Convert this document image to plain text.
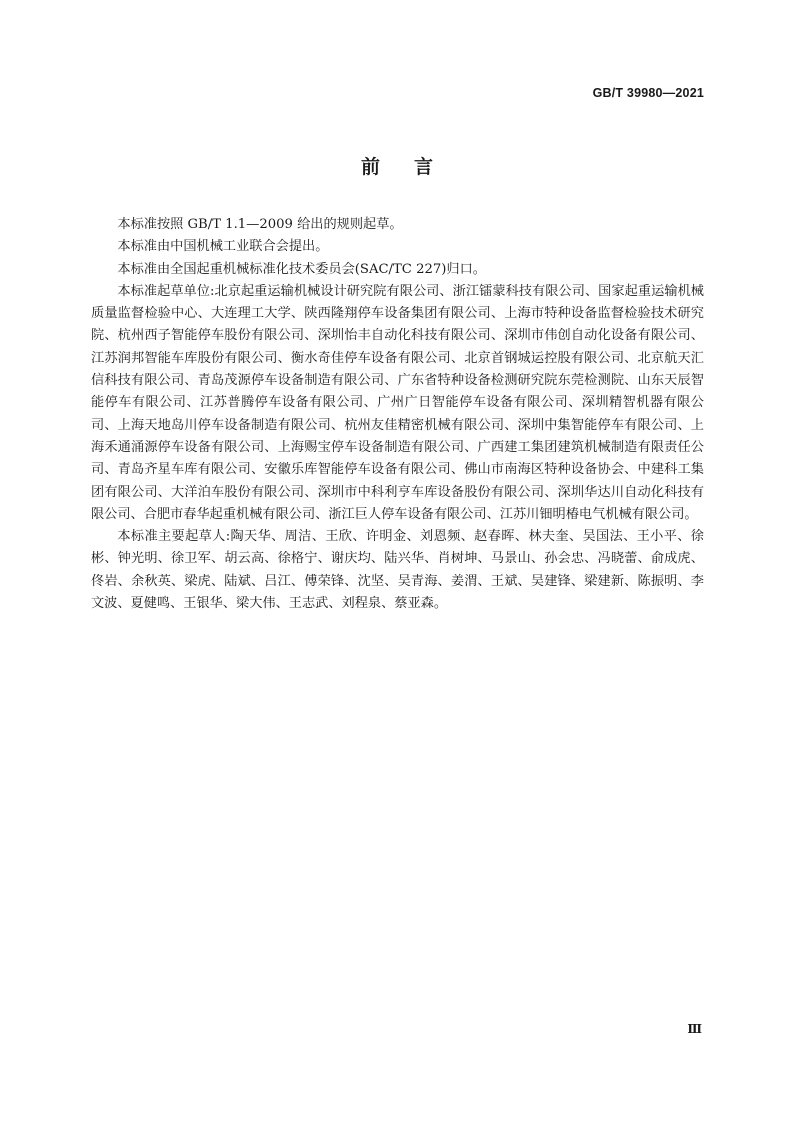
GB/T 39980—2021
前言

本标准按照 GB/T 1.1—2009 给出的规则起草。

本标准由中国机械工业联合会提出。

本标准由全国起重机械标准化技术委员会(SAC/TC 227)归口。

本标准起草单位:北京起重运输机械设计研究院有限公司、浙江镭蒙科技有限公司、国家起重运输机械质量监督检验中心、大连理工大学、陕西隆翔停车设备集团有限公司、上海市特种设备监督检验技术研究院、杭州西子智能停车股份有限公司、深圳怡丰自动化科技有限公司、深圳市伟创自动化设备有限公司、江苏润邦智能车库股份有限公司、衡水奇佳停车设备有限公司、北京首钢城运控股有限公司、北京航天汇信科技有限公司、青岛茂源停车设备制造有限公司、广东省特种设备检测研究院东莞检测院、山东天辰智能停车有限公司、江苏普腾停车设备有限公司、广州广日智能停车设备有限公司、深圳精智机器有限公司、上海天地岛川停车设备制造有限公司、杭州友佳精密机械有限公司、深圳中集智能停车有限公司、上海禾通涌源停车设备有限公司、上海赐宝停车设备制造有限公司、广西建工集团建筑机械制造有限责任公司、青岛齐星车库有限公司、安徽乐库智能停车设备有限公司、佛山市南海区特种设备协会、中建科工集团有限公司、大洋泊车股份有限公司、深圳市中科利亨车库设备股份有限公司、深圳华达川自动化科技有限公司、合肥市春华起重机械有限公司、浙江巨人停车设备有限公司、江苏川钿明椿电气机械有限公司。

本标准主要起草人:陶天华、周洁、王欣、许明金、刘恩频、赵春晖、林夫奎、吴国法、王小平、徐彬、钟光明、徐卫军、胡云高、徐格宁、谢庆均、陆兴华、肖树坤、马景山、孙会忠、冯晓蕾、俞成虎、佟岩、余秋英、梁虎、陆斌、吕江、傅荣锋、沈坚、吴青海、姜渭、王斌、吴建锋、梁建新、陈振明、李文波、夏健鸣、王银华、梁大伟、王志武、刘程泉、蔡亚森。

Ⅲ
